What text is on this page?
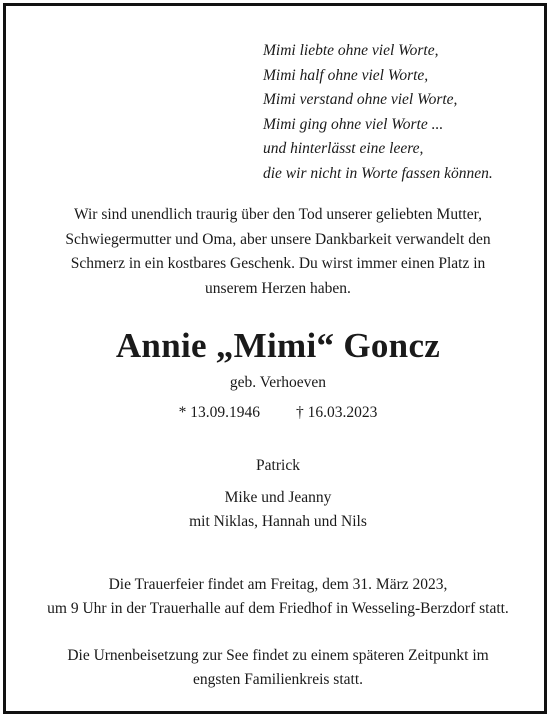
Mimi liebte ohne viel Worte,
Mimi half ohne viel Worte,
Mimi verstand ohne viel Worte,
Mimi ging ohne viel Worte ...
und hinterlässt eine leere,
die wir nicht in Worte fassen können.
Wir sind unendlich traurig über den Tod unserer geliebten Mutter,
Schwiegermutter und Oma, aber unsere Dankbarkeit verwandelt den
Schmerz in ein kostbares Geschenk. Du wirst immer einen Platz in
unserem Herzen haben.
Annie „Mimi“ Goncz
geb. Verhoeven
* 13.09.1946 † 16.03.2023
Patrick
Mike und Jeanny
mit Niklas, Hannah und Nils
Die Trauerfeier findet am Freitag, dem 31. März 2023,
um 9 Uhr in der Trauerhalle auf dem Friedhof in Wesseling-Berzdorf statt.
Die Urnenbeisetzung zur See findet zu einem späteren Zeitpunkt im
engsten Familienkreis statt.
